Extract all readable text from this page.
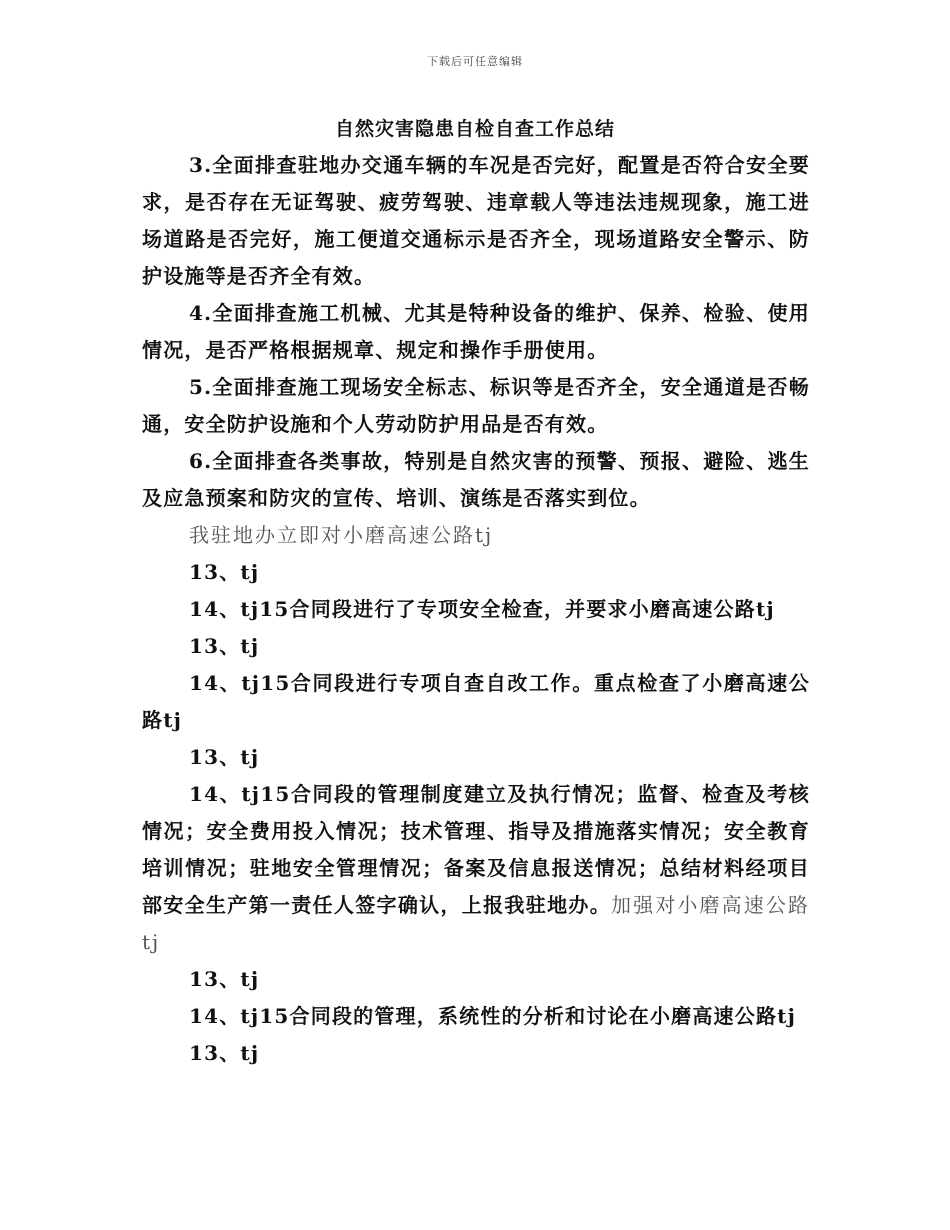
下载后可任意编辑
自然灾害隐患自检自查工作总结

3.全面排查驻地办交通车辆的车况是否完好，配置是否符合安全要求，是否存在无证驾驶、疲劳驾驶、违章载人等违法违规现象，施工进场道路是否完好，施工便道交通标示是否齐全，现场道路安全警示、防护设施等是否齐全有效。

4.全面排查施工机械、尤其是特种设备的维护、保养、检验、使用情况，是否严格根据规章、规定和操作手册使用。

5.全面排查施工现场安全标志、标识等是否齐全，安全通道是否畅通，安全防护设施和个人劳动防护用品是否有效。

6.全面排查各类事故，特别是自然灾害的预警、预报、避险、逃生及应急预案和防灾的宣传、培训、演练是否落实到位。

我驻地办立即对小磨高速公路tj

13、tj

14、tj15合同段进行了专项安全检查，并要求小磨高速公路tj

13、tj

14、tj15合同段进行专项自查自改工作。重点检查了小磨高速公路tj

13、tj

14、tj15合同段的管理制度建立及执行情况；监督、检查及考核情况；安全费用投入情况；技术管理、指导及措施落实情况；安全教育培训情况；驻地安全管理情况；备案及信息报送情况；总结材料经项目部安全生产第一责任人签字确认，上报我驻地办。加强对小磨高速公路tj

13、tj

14、tj15合同段的管理，系统性的分析和讨论在小磨高速公路tj

13、tj
